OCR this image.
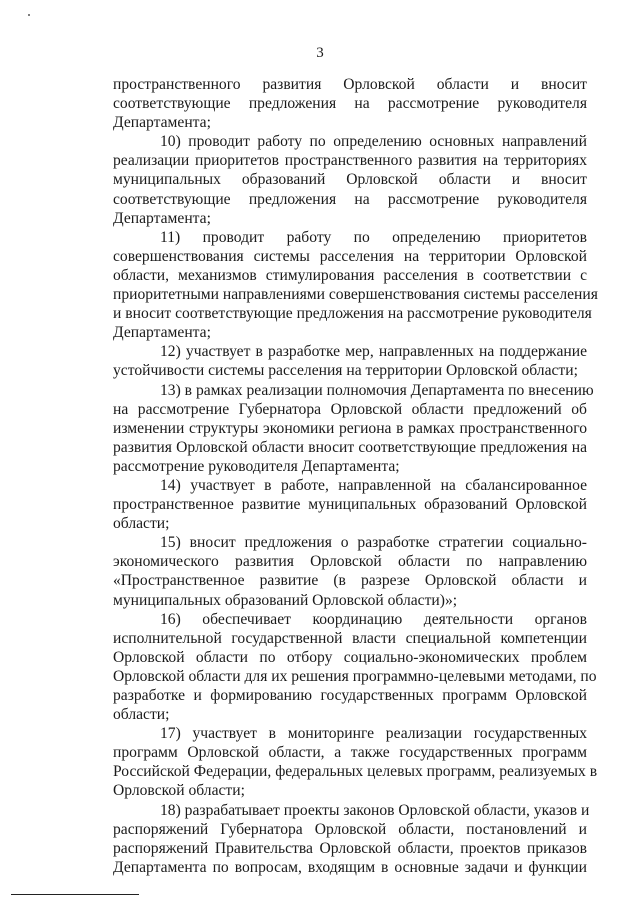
3
пространственного развития Орловской области и вносит
соответствующие предложения на рассмотрение руководителя
Департамента;
10) проводит работу по определению основных направлений
реализации приоритетов пространственного развития на территориях
муниципальных образований Орловской области и вносит
соответствующие предложения на рассмотрение руководителя
Департамента;
11) проводит работу по определению приоритетов
совершенствования системы расселения на территории Орловской
области, механизмов стимулирования расселения в соответствии с
приоритетными направлениями совершенствования системы расселения
и вносит соответствующие предложения на рассмотрение руководителя
Департамента;
12) участвует в разработке мер, направленных на поддержание
устойчивости системы расселения на территории Орловской области;
13) в рамках реализации полномочия Департамента по внесению
на рассмотрение Губернатора Орловской области предложений об
изменении структуры экономики региона в рамках пространственного
развития Орловской области вносит соответствующие предложения на
рассмотрение руководителя Департамента;
14) участвует в работе, направленной на сбалансированное
пространственное развитие муниципальных образований Орловской
области;
15) вносит предложения о разработке стратегии социально-
экономического развития Орловской области по направлению
«Пространственное развитие (в разрезе Орловской области и
муниципальных образований Орловской области)»;
16) обеспечивает координацию деятельности органов
исполнительной государственной власти специальной компетенции
Орловской области по отбору социально-экономических проблем
Орловской области для их решения программно-целевыми методами, по
разработке и формированию государственных программ Орловской
области;
17) участвует в мониторинге реализации государственных
программ Орловской области, а также государственных программ
Российской Федерации, федеральных целевых программ, реализуемых в
Орловской области;
18) разрабатывает проекты законов Орловской области, указов и
распоряжений Губернатора Орловской области, постановлений и
распоряжений Правительства Орловской области, проектов приказов
Департамента по вопросам, входящим в основные задачи и функции
